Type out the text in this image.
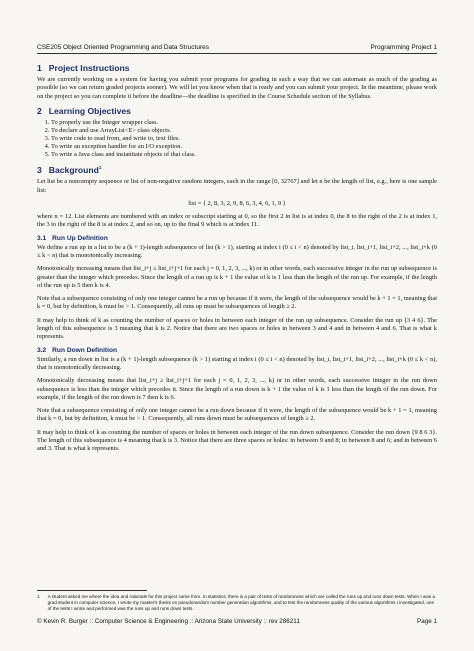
CSE205 Object Oriented Programming and Data Structures	Programming Project 1
1 Project Instructions

We are currently working on a system for having you submit your programs for grading in such a way that we can automate as much of the grading as possible (so we can return graded projects sooner). We will let you know when that is ready and you can submit your project. In the meantime, please work on the project so you can complete it before the deadline—the deadline is specified in the Course Schedule section of the Syllabus.

2 Learning Objectives
1. To properly use the Integer wrapper class.
2. To declare and use ArrayList<E> class objects.
3. To write code to read from, and write to, text files.
4. To write an exception handler for an I/O exception.
5. To write a Java class and instantiate objects of that class.
3 Background$^1$

Let list be a noncempty sequence or list of non-negative random integers, each in the range [0, 32767] and let n be the length of list, e.g., here is one sample list:

list = { 2, 8, 3, 2, 9, 8, 6, 3, 4, 6, 1, 9 }

where n = 12. List elements are numbered with an index or subscript starting at 0, so the first 2 in list is at index 0, the 8 to the right of the 2 is at index 1, the 3 to the right of the 8 is at index 2, and so on, up to the final 9 which is at index 11.

3.1 Run Up Definition

We define a run up in a list to be a (k + 1)-length subsequence of list (k > 1), starting at index i (0 ≤ i < n) denoted by list_i, list_i+1, list_i+2, ..., list_i+k (0 ≤ k < n) that is monotonically increasing.

Monotonically increasing means that list_i+j ≤ list_i+j+1 for each j = 0, 1, 2, 3, ..., k) or in other words, each successive integer in the run up subsequence is greater than the integer which precedes. Since the length of a run up is k + 1 the value of k is 1 less than the length of the run up. For example, if the length of the run up is 5 then k is 4.

Note that a subsequence consisting of only one integer cannot be a run up because if it were, the length of the subsequence would be k + 1 = 1, meaning that k = 0, but by definition, k must be > 1. Consequently, all runs up must be subsequences of length ≥ 2.

It may help to think of k as counting the number of spaces or holes in between each integer of the run up subsequence. Consider the run up {3 4 6}. The length of this subsequence is 3 meaning that k is 2. Notice that there are two spaces or holes in between 3 and 4 and in between 4 and 6. That is what k represents.

3.2 Run Down Definition

Similarly, a run down in list is a (k + 1)-length subsequence (k > 1) starting at index i (0 ≤ i < n) denoted by list_i, list_i+1, list_i+2, ..., list_i+k (0 ≤ k < n), that is monotonically decreasing.

Monotonically decreasing means that list_i+j ≥ list_i+j+1 for each j = 0, 1, 2, 3, ..., k) or in other words, each successive integer in the run down subsequence is less than the integer which precedes it. Since the length of a run down is k + 1 the value of k is 1 less than the length of the run down. For example, if the length of the run down is 7 then k is 6.

Note that a subsequence consisting of only one integer cannot be a run down because if it were, the length of the subsequence would be k + 1 = 1, meaning that k = 0, but by definition, k must be > 1. Consequently, all runs down must be subsequences of length ≥ 2.

It may help to think of k as counting the number of spaces or holes in between each integer of the run down subsequence. Consider the run down {9 8 6 3}. The length of this subsequence is 4 meaning that k is 3. Notice that there are three spaces or holes: in between 9 and 8; in between 8 and 6; and in between 6 and 3. That is what k represents.

1 A student asked me where the idea and rationale for this project came from. In statistics, there is a pair of tests of randomness which are called the runs up and runs down tests. When I was a grad student in computer science, I wrote my master's thesis on pseudorandom number generation algorithms, and to test the randomness quality of the various algorithms I investigated, one of the tests I wrote and performed was the runs up and runs down tests.
© Kevin R. Burger :: Computer Science & Engineering :: Arizona State University :: rev 286211	Page 1
